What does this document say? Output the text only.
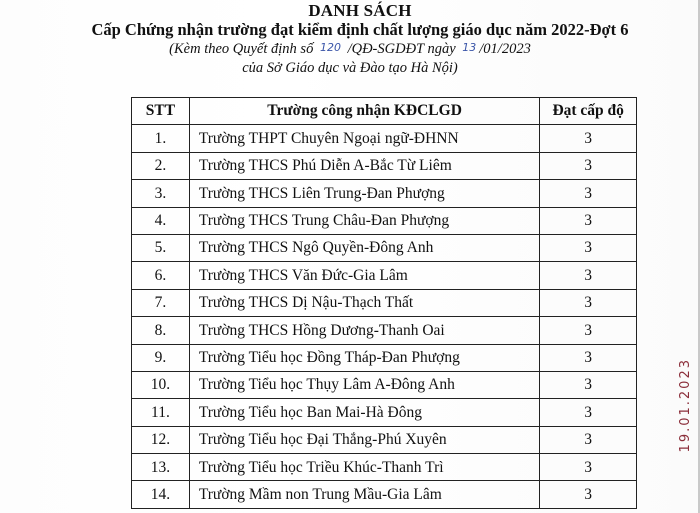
DANH SÁCH
Cấp Chứng nhận trường đạt kiểm định chất lượng giáo dục năm 2022-Đợt 6
(Kèm theo Quyết định số 120 /QĐ-SGDĐT ngày 13 /01/2023
của Sở Giáo dục và Đào tạo Hà Nội)
STT	Trường công nhận KĐCLGD	Đạt cấp độ
1.	Trường THPT Chuyên Ngoại ngữ-ĐHNN	3
2.	Trường THCS Phú Diễn A-Bắc Từ Liêm	3
3.	Trường THCS Liên Trung-Đan Phượng	3
4.	Trường THCS Trung Châu-Đan Phượng	3
5.	Trường THCS Ngô Quyền-Đông Anh	3
6.	Trường THCS Văn Đức-Gia Lâm	3
7.	Trường THCS Dị Nậu-Thạch Thất	3
8.	Trường THCS Hồng Dương-Thanh Oai	3
9.	Trường Tiểu học Đồng Tháp-Đan Phượng	3
10.	Trường Tiểu học Thụy Lâm A-Đông Anh	3
11.	Trường Tiểu học Ban Mai-Hà Đông	3
12.	Trường Tiểu học Đại Thắng-Phú Xuyên	3
13.	Trường Tiểu học Triều Khúc-Thanh Trì	3
14.	Trường Mầm non Trung Mầu-Gia Lâm	3
19.01.2023
